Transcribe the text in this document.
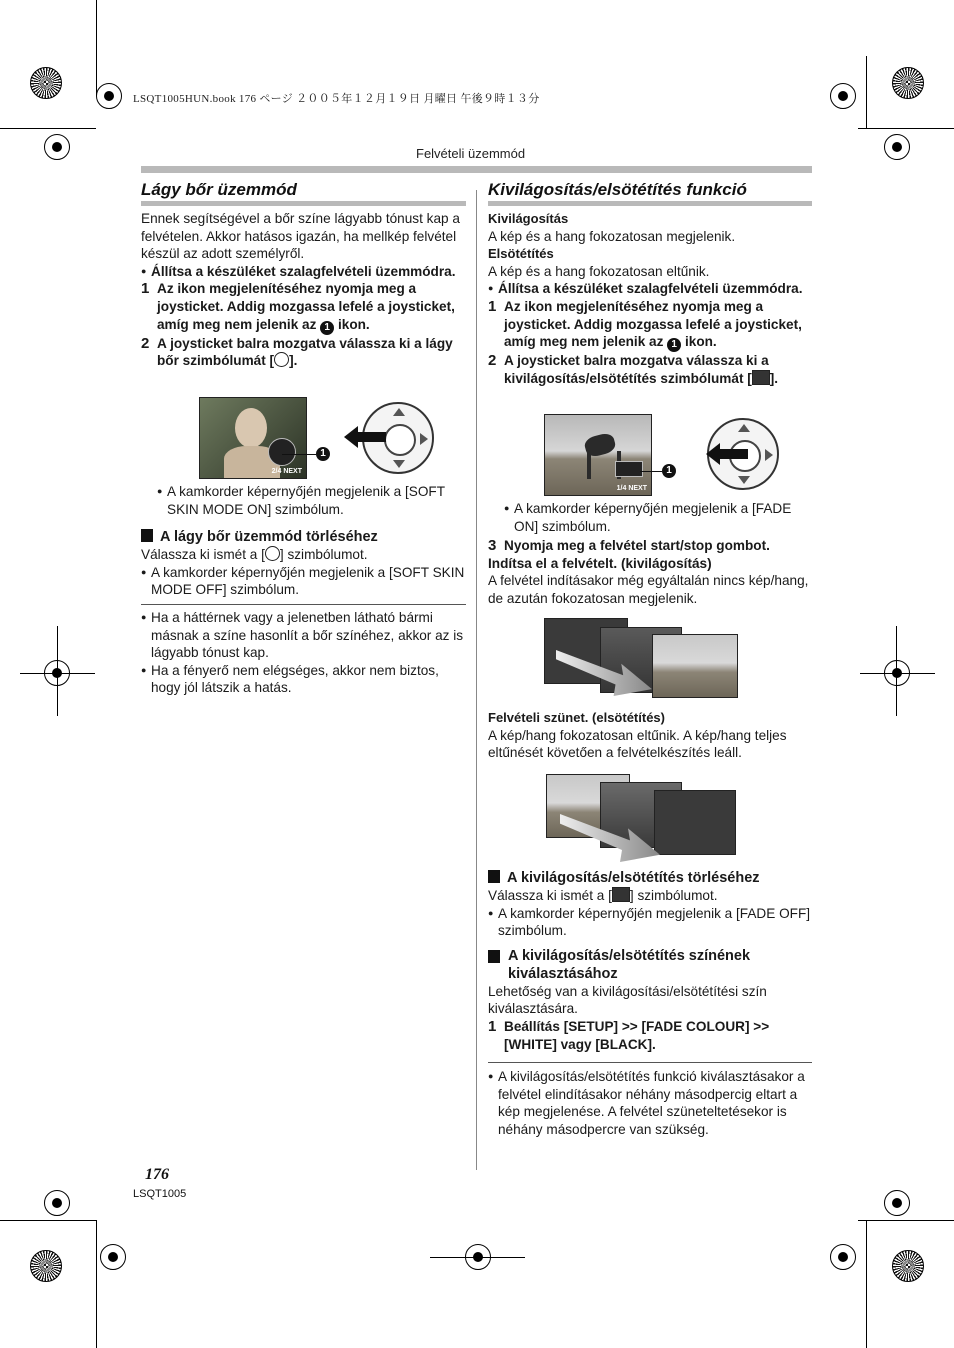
LSQT1005HUN.book 176 ページ ２００５年１２月１９日 月曜日 午後９時１３分
Felvételi üzemmód
Lágy bőr üzemmód
Ennek segítségével a bőr színe lágyabb tónust kap a felvételen. Akkor hatásos igazán, ha mellkép felvétel készül az adott személyről.
● Állítsa a készüléket szalagfelvételi üzemmódra.
1 Az ikon megjelenítéséhez nyomja meg a joysticket. Addig mozgassa lefelé a joysticket, amíg meg nem jelenik az 1 ikon.
2 A joysticket balra mozgatva válassza ki a lágy bőr szimbólumát [ ].
2/4 NEXT
1
● A kamkorder képernyőjén megjelenik a [SOFT SKIN MODE ON] szimbólum.
A lágy bőr üzemmód törléséhez
Válassza ki ismét a [ ] szimbólumot.
● A kamkorder képernyőjén megjelenik a [SOFT SKIN MODE OFF] szimbólum.
● Ha a háttérnek vagy a jelenetben látható bármi másnak a színe hasonlít a bőr színéhez, akkor az is lágyabb tónust kap.
● Ha a fényerő nem elégséges, akkor nem biztos, hogy jól látszik a hatás.
Kivilágosítás/elsötétítés funkció
Kivilágosítás
A kép és a hang fokozatosan megjelenik.
Elsötétítés
A kép és a hang fokozatosan eltűnik.
● Állítsa a készüléket szalagfelvételi üzemmódra.
1 Az ikon megjelenítéséhez nyomja meg a joysticket. Addig mozgassa lefelé a joysticket, amíg meg nem jelenik az 1 ikon.
2 A joysticket balra mozgatva válassza ki a kivilágosítás/elsötétítés szimbólumát [ ].
1/4 NEXT
1
● A kamkorder képernyőjén megjelenik a [FADE ON] szimbólum.
3 Nyomja meg a felvétel start/stop gombot.
Indítsa el a felvételt. (kivilágosítás)
A felvétel indításakor még egyáltalán nincs kép/hang, de azután fokozatosan megjelenik.
Felvételi szünet. (elsötétítés)
A kép/hang fokozatosan eltűnik. A kép/hang teljes eltűnését követően a felvételkészítés leáll.
A kivilágosítás/elsötétítés törléséhez
Válassza ki ismét a [ ] szimbólumot.
● A kamkorder képernyőjén megjelenik a [FADE OFF] szimbólum.
A kivilágosítás/elsötétítés színének kiválasztásához
Lehetőség van a kivilágosítási/elsötétítési szín kiválasztására.
1 Beállítás [SETUP] >> [FADE COLOUR] >> [WHITE] vagy [BLACK].
● A kivilágosítás/elsötétítés funkció kiválasztásakor a felvétel elindításakor néhány másodpercig eltart a kép megjelenése. A felvétel szüneteltetésekor is néhány másodpercre van szükség.
176
LSQT1005
